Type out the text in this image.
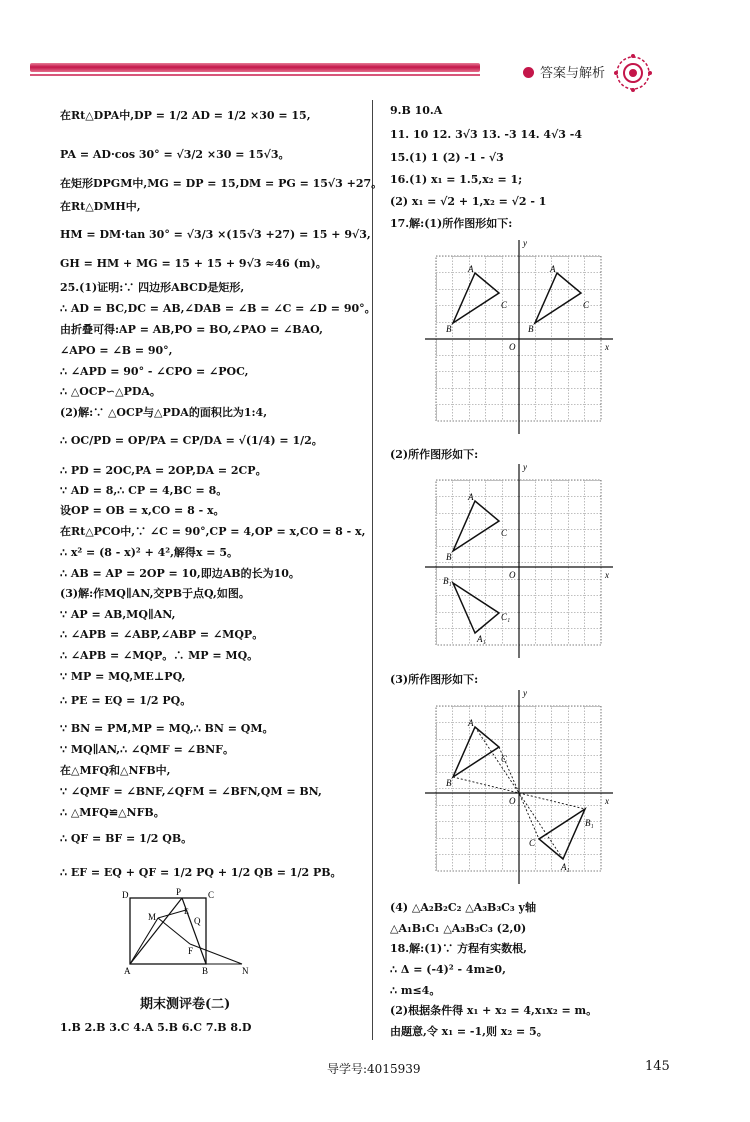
答案与解析
在Rt△DPA中,DP = 1/2 AD = 1/2 ×30 = 15,
PA = AD·cos 30° = √3/2 ×30 = 15√3。
在矩形DPGM中,MG = DP = 15,DM = PG = 15√3 +27。
在Rt△DMH中,
HM = DM·tan 30° = √3/3 ×(15√3 +27) = 15 + 9√3,
GH = HM + MG = 15 + 15 + 9√3 ≈46 (m)。
25.(1)证明:∵ 四边形ABCD是矩形,
∴ AD = BC,DC = AB,∠DAB = ∠B = ∠C = ∠D = 90°。
由折叠可得:AP = AB,PO = BO,∠PAO = ∠BAO,
∠APO = ∠B = 90°,
∴ ∠APD = 90° - ∠CPO = ∠POC,
∴ △OCP∽△PDA。
(2)解:∵ △OCP与△PDA的面积比为1:4,
∴ OC/PD = OP/PA = CP/DA = √(1/4) = 1/2。
∴ PD = 2OC,PA = 2OP,DA = 2CP。
∵ AD = 8,∴ CP = 4,BC = 8。
设OP = OB = x,CO = 8 - x。
在Rt△PCO中,∵ ∠C = 90°,CP = 4,OP = x,CO = 8 - x,
∴ x² = (8 - x)² + 4²,解得x = 5。
∴ AB = AP = 2OP = 10,即边AB的长为10。
(3)解:作MQ∥AN,交PB于点Q,如图。
∵ AP = AB,MQ∥AN,
∴ ∠APB = ∠ABP,∠ABP = ∠MQP。
∴ ∠APB = ∠MQP。∴ MP = MQ。
∵ MP = MQ,ME⊥PQ,
∴ PE = EQ = 1/2 PQ。
∵ BN = PM,MP = MQ,∴ BN = QM。
∵ MQ∥AN,∴ ∠QMF = ∠BNF。
在△MFQ和△NFB中,
∵ ∠QMF = ∠BNF,∠QFM = ∠BFN,QM = BN,
∴ △MFQ≌△NFB。
∴ QF = BF = 1/2 QB。
∴ EF = EQ + QF = 1/2 PQ + 1/2 QB = 1/2 PB。
D	P	C
E
M	Q
F
A	B	N
期末测评卷(二)
1.B 2.B 3.C 4.A 5.B 6.C 7.B 8.D
9.B 10.A
11. 10 12. 3√3 13. -3 14. 4√3 -4
15.(1) 1 (2) -1 - √3
16.(1) x₁ = 1.5,x₂ = 1;
(2) x₁ = √2 + 1,x₂ = √2 - 1
17.解:(1)所作图形如下:
(2)所作图形如下:
(3)所作图形如下:
(4) △A₂B₂C₂ △A₃B₃C₃ y轴
△A₁B₁C₁ △A₃B₃C₃ (2,0)
18.解:(1)∵ 方程有实数根,
∴ Δ = (-4)² - 4m≥0,
∴ m≤4。
(2)根据条件得 x₁ + x₂ = 4,x₁x₂ = m。
由题意,令 x₁ = -1,则 x₂ = 5。
A
B
C
A
B
C
O	x
y
A
B
C
A₁
B₁
C₁
O	x
y
A
B
C
A₁
B₁
C
O	x
y
导学号:4015939	145
